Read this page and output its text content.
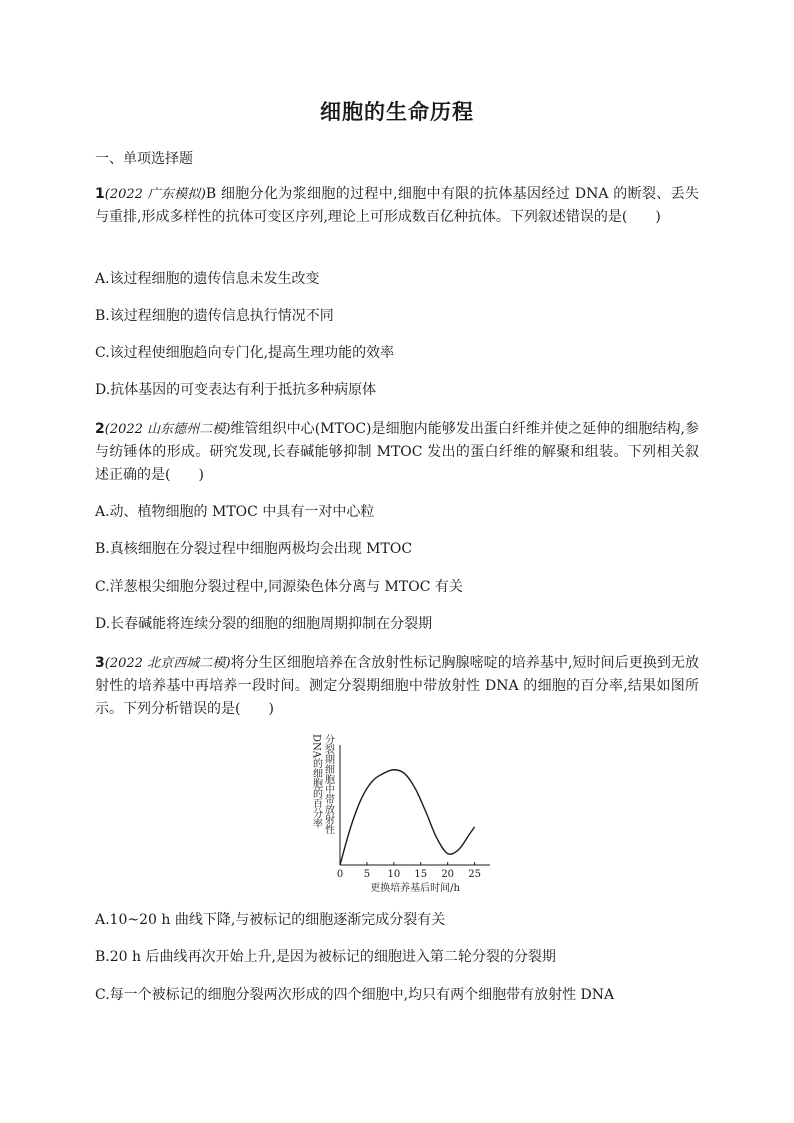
细胞的生命历程
一、单项选择题
1(2022 广东模拟)B 细胞分化为浆细胞的过程中,细胞中有限的抗体基因经过 DNA 的断裂、丢失与重排,形成多样性的抗体可变区序列,理论上可形成数百亿种抗体。下列叙述错误的是(　　)
A.该过程细胞的遗传信息未发生改变
B.该过程细胞的遗传信息执行情况不同
C.该过程使细胞趋向专门化,提高生理功能的效率
D.抗体基因的可变表达有利于抵抗多种病原体
2(2022 山东德州二模)维管组织中心(MTOC)是细胞内能够发出蛋白纤维并使之延伸的细胞结构,参与纺锤体的形成。研究发现,长春碱能够抑制 MTOC 发出的蛋白纤维的解聚和组装。下列相关叙述正确的是(　　)
A.动、植物细胞的 MTOC 中具有一对中心粒
B.真核细胞在分裂过程中细胞两极均会出现 MTOC
C.洋葱根尖细胞分裂过程中,同源染色体分离与 MTOC 有关
D.长春碱能将连续分裂的细胞的细胞周期抑制在分裂期
3(2022 北京西城二模)将分生区细胞培养在含放射性标记胸腺嘧啶的培养基中,短时间后更换到无放射性的培养基中再培养一段时间。测定分裂期细胞中带放射性 DNA 的细胞的百分率,结果如图所示。下列分析错误的是(　　)
分裂期细胞中带放射性
DNA的细胞的百分率
0 5 10 15 20 25
更换培养基后时间/h
A.10~20 h 曲线下降,与被标记的细胞逐渐完成分裂有关
B.20 h 后曲线再次开始上升,是因为被标记的细胞进入第二轮分裂的分裂期
C.每一个被标记的细胞分裂两次形成的四个细胞中,均只有两个细胞带有放射性 DNA
